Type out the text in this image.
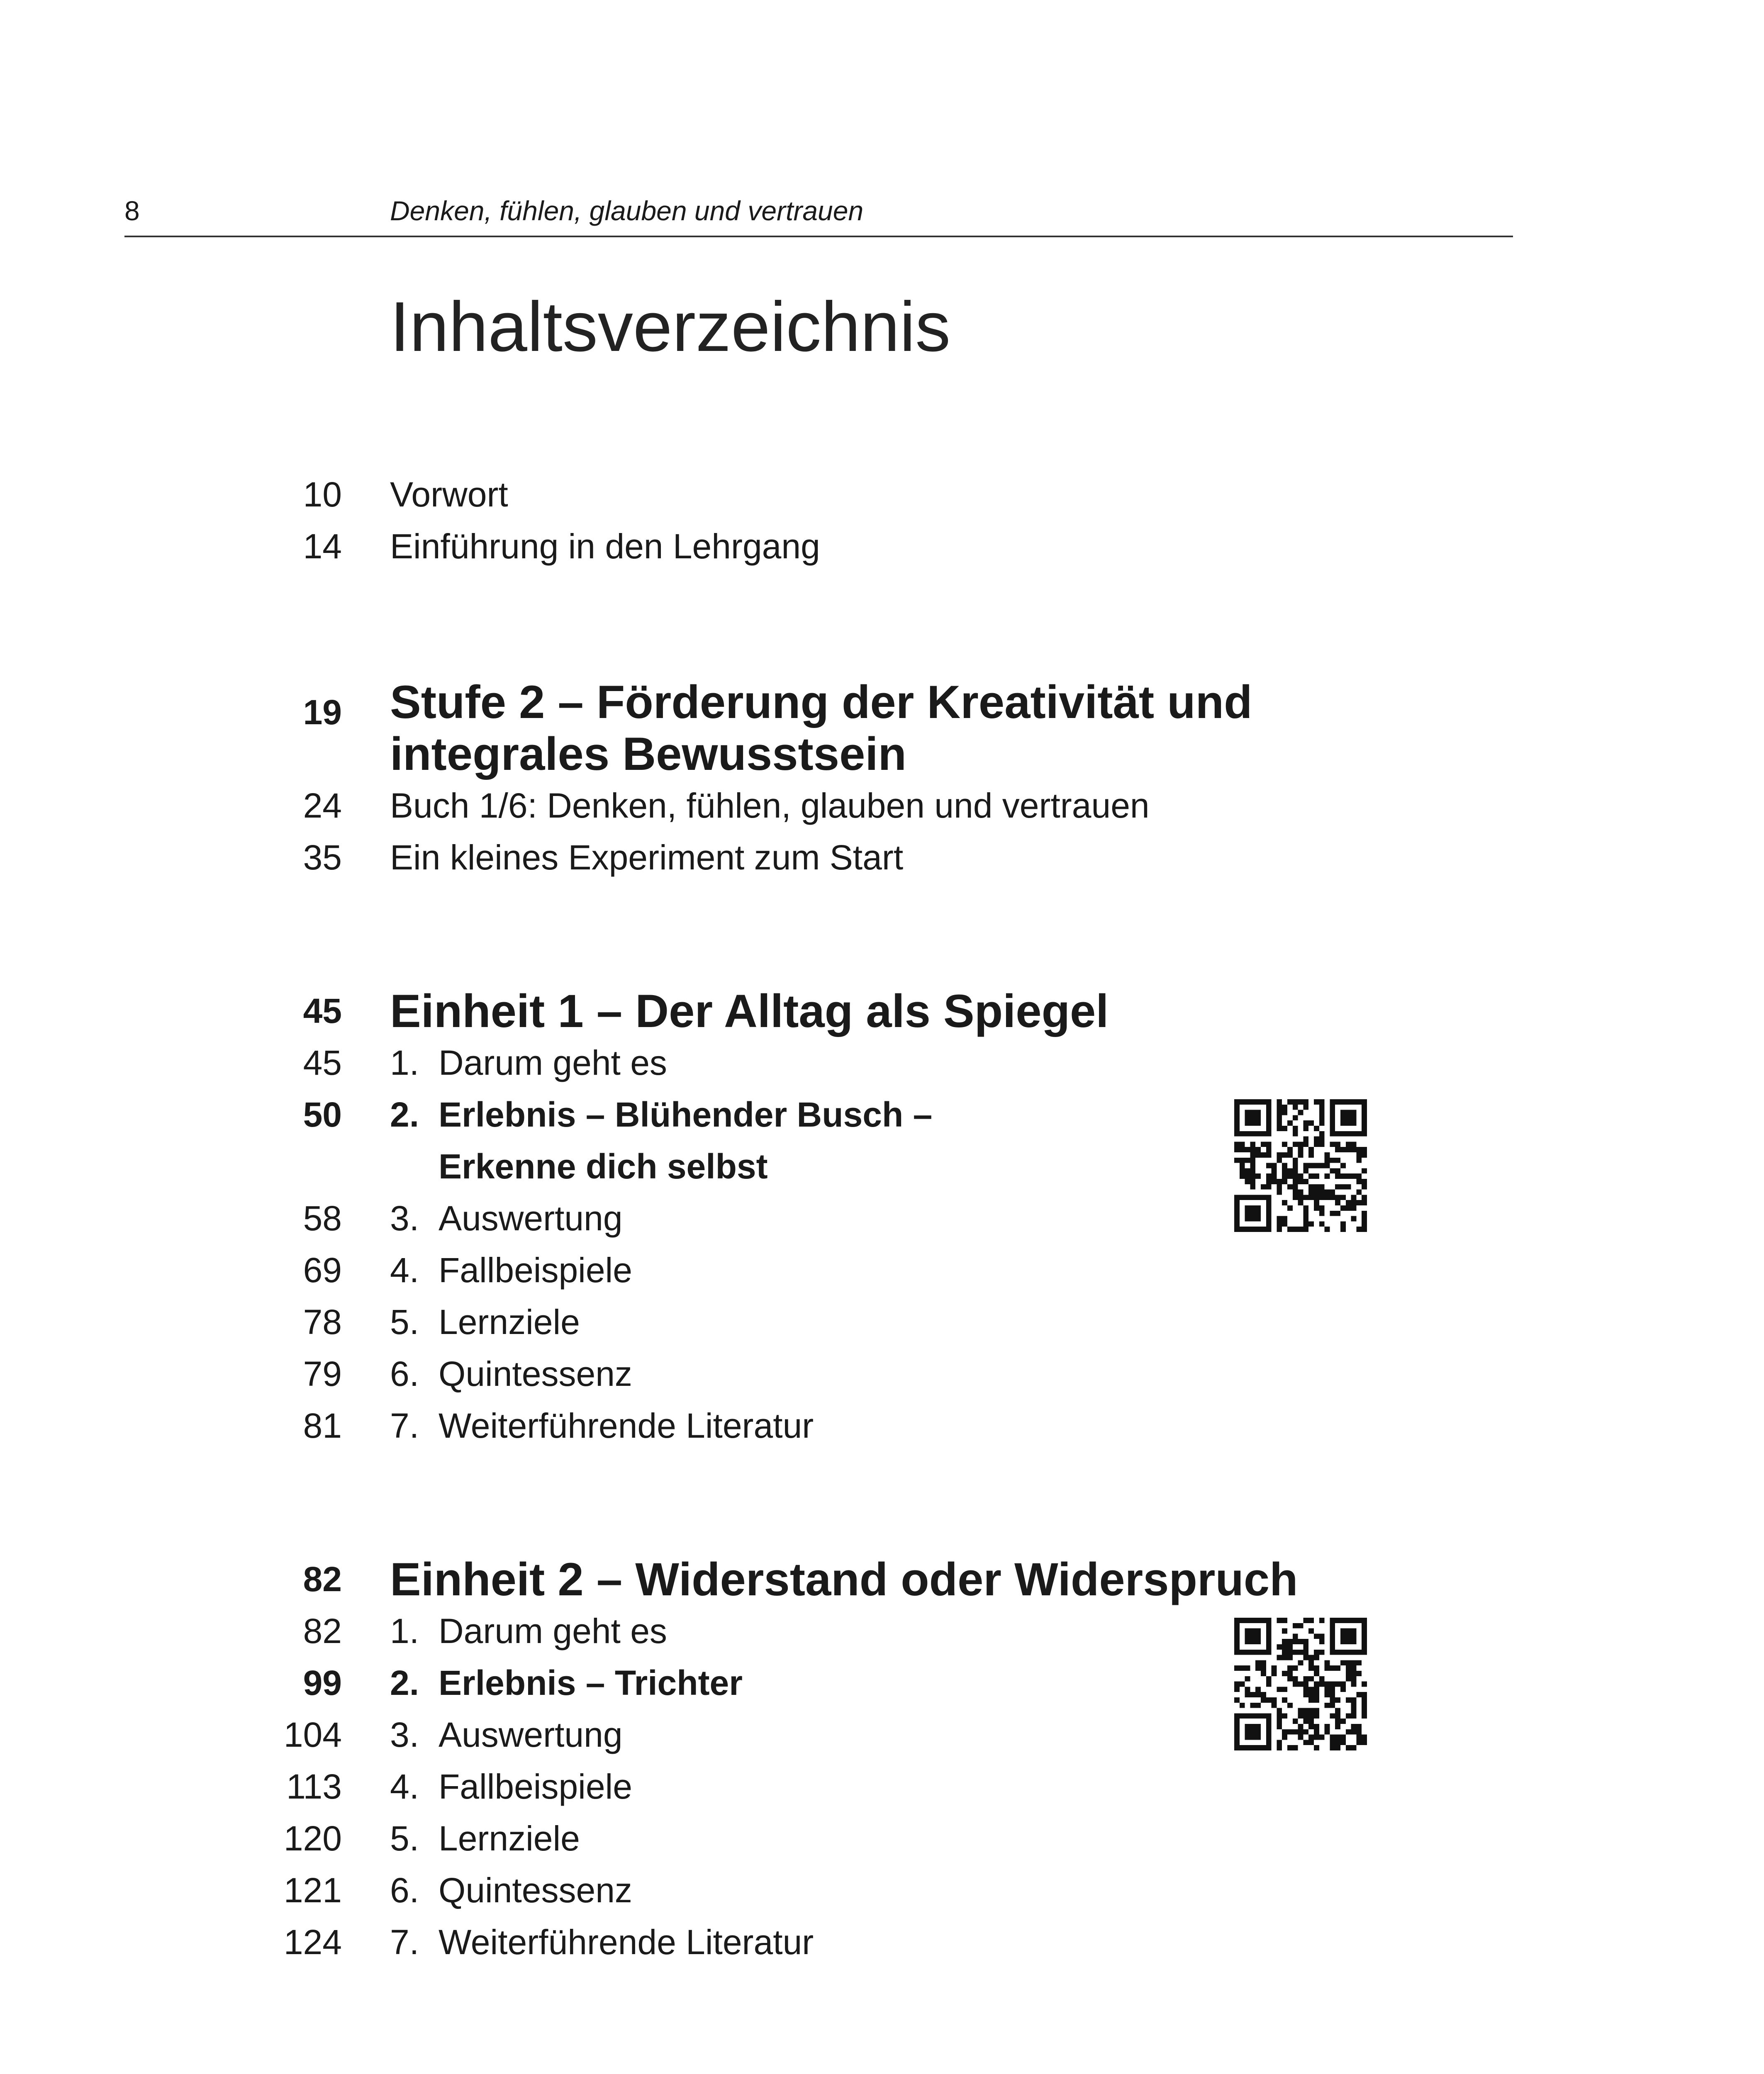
8	Denken, fühlen, glauben und vertrauen
Inhaltsverzeichnis
10 Vorwort
14 Einführung in den Lehrgang
19 Stufe 2 – Förderung der Kreativität und
integrales Bewusstsein
24 Buch 1/6: Denken, fühlen, glauben und vertrauen
35 Ein kleines Experiment zum Start
45 Einheit 1 – Der Alltag als Spiegel
45 1. Darum geht es
50 2. Erlebnis – Blühender Busch –
Erkenne dich selbst
58 3. Auswertung
69 4. Fallbeispiele
78 5. Lernziele
79 6. Quintessenz
81 7. Weiterführende Literatur
82 Einheit 2 – Widerstand oder Widerspruch
82 1. Darum geht es
99 2. Erlebnis – Trichter
104 3. Auswertung
113 4. Fallbeispiele
120 5. Lernziele
121 6. Quintessenz
124 7. Weiterführende Literatur
